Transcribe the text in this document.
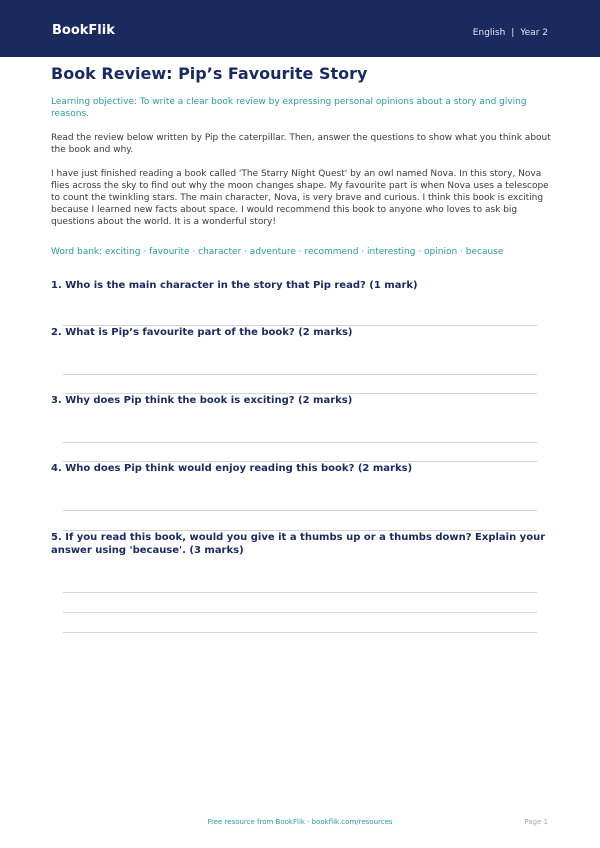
BookFlik	English | Year 2
Book Review: Pip’s Favourite Story
Learning objective: To write a clear book review by expressing personal opinions about a story and giving reasons.
Read the review below written by Pip the caterpillar. Then, answer the questions to show what you think about the book and why.
I have just finished reading a book called 'The Starry Night Quest' by an owl named Nova. In this story, Nova flies across the sky to find out why the moon changes shape. My favourite part is when Nova uses a telescope to count the twinkling stars. The main character, Nova, is very brave and curious. I think this book is exciting because I learned new facts about space. I would recommend this book to anyone who loves to ask big questions about the world. It is a wonderful story!
Word bank: exciting · favourite · character · adventure · recommend · interesting · opinion · because
1. Who is the main character in the story that Pip read? (1 mark)
2. What is Pip’s favourite part of the book? (2 marks)
3. Why does Pip think the book is exciting? (2 marks)
4. Who does Pip think would enjoy reading this book? (2 marks)
5. If you read this book, would you give it a thumbs up or a thumbs down? Explain your answer using 'because'. (3 marks)
Free resource from BookFlik · bookflik.com/resources	Page 1
